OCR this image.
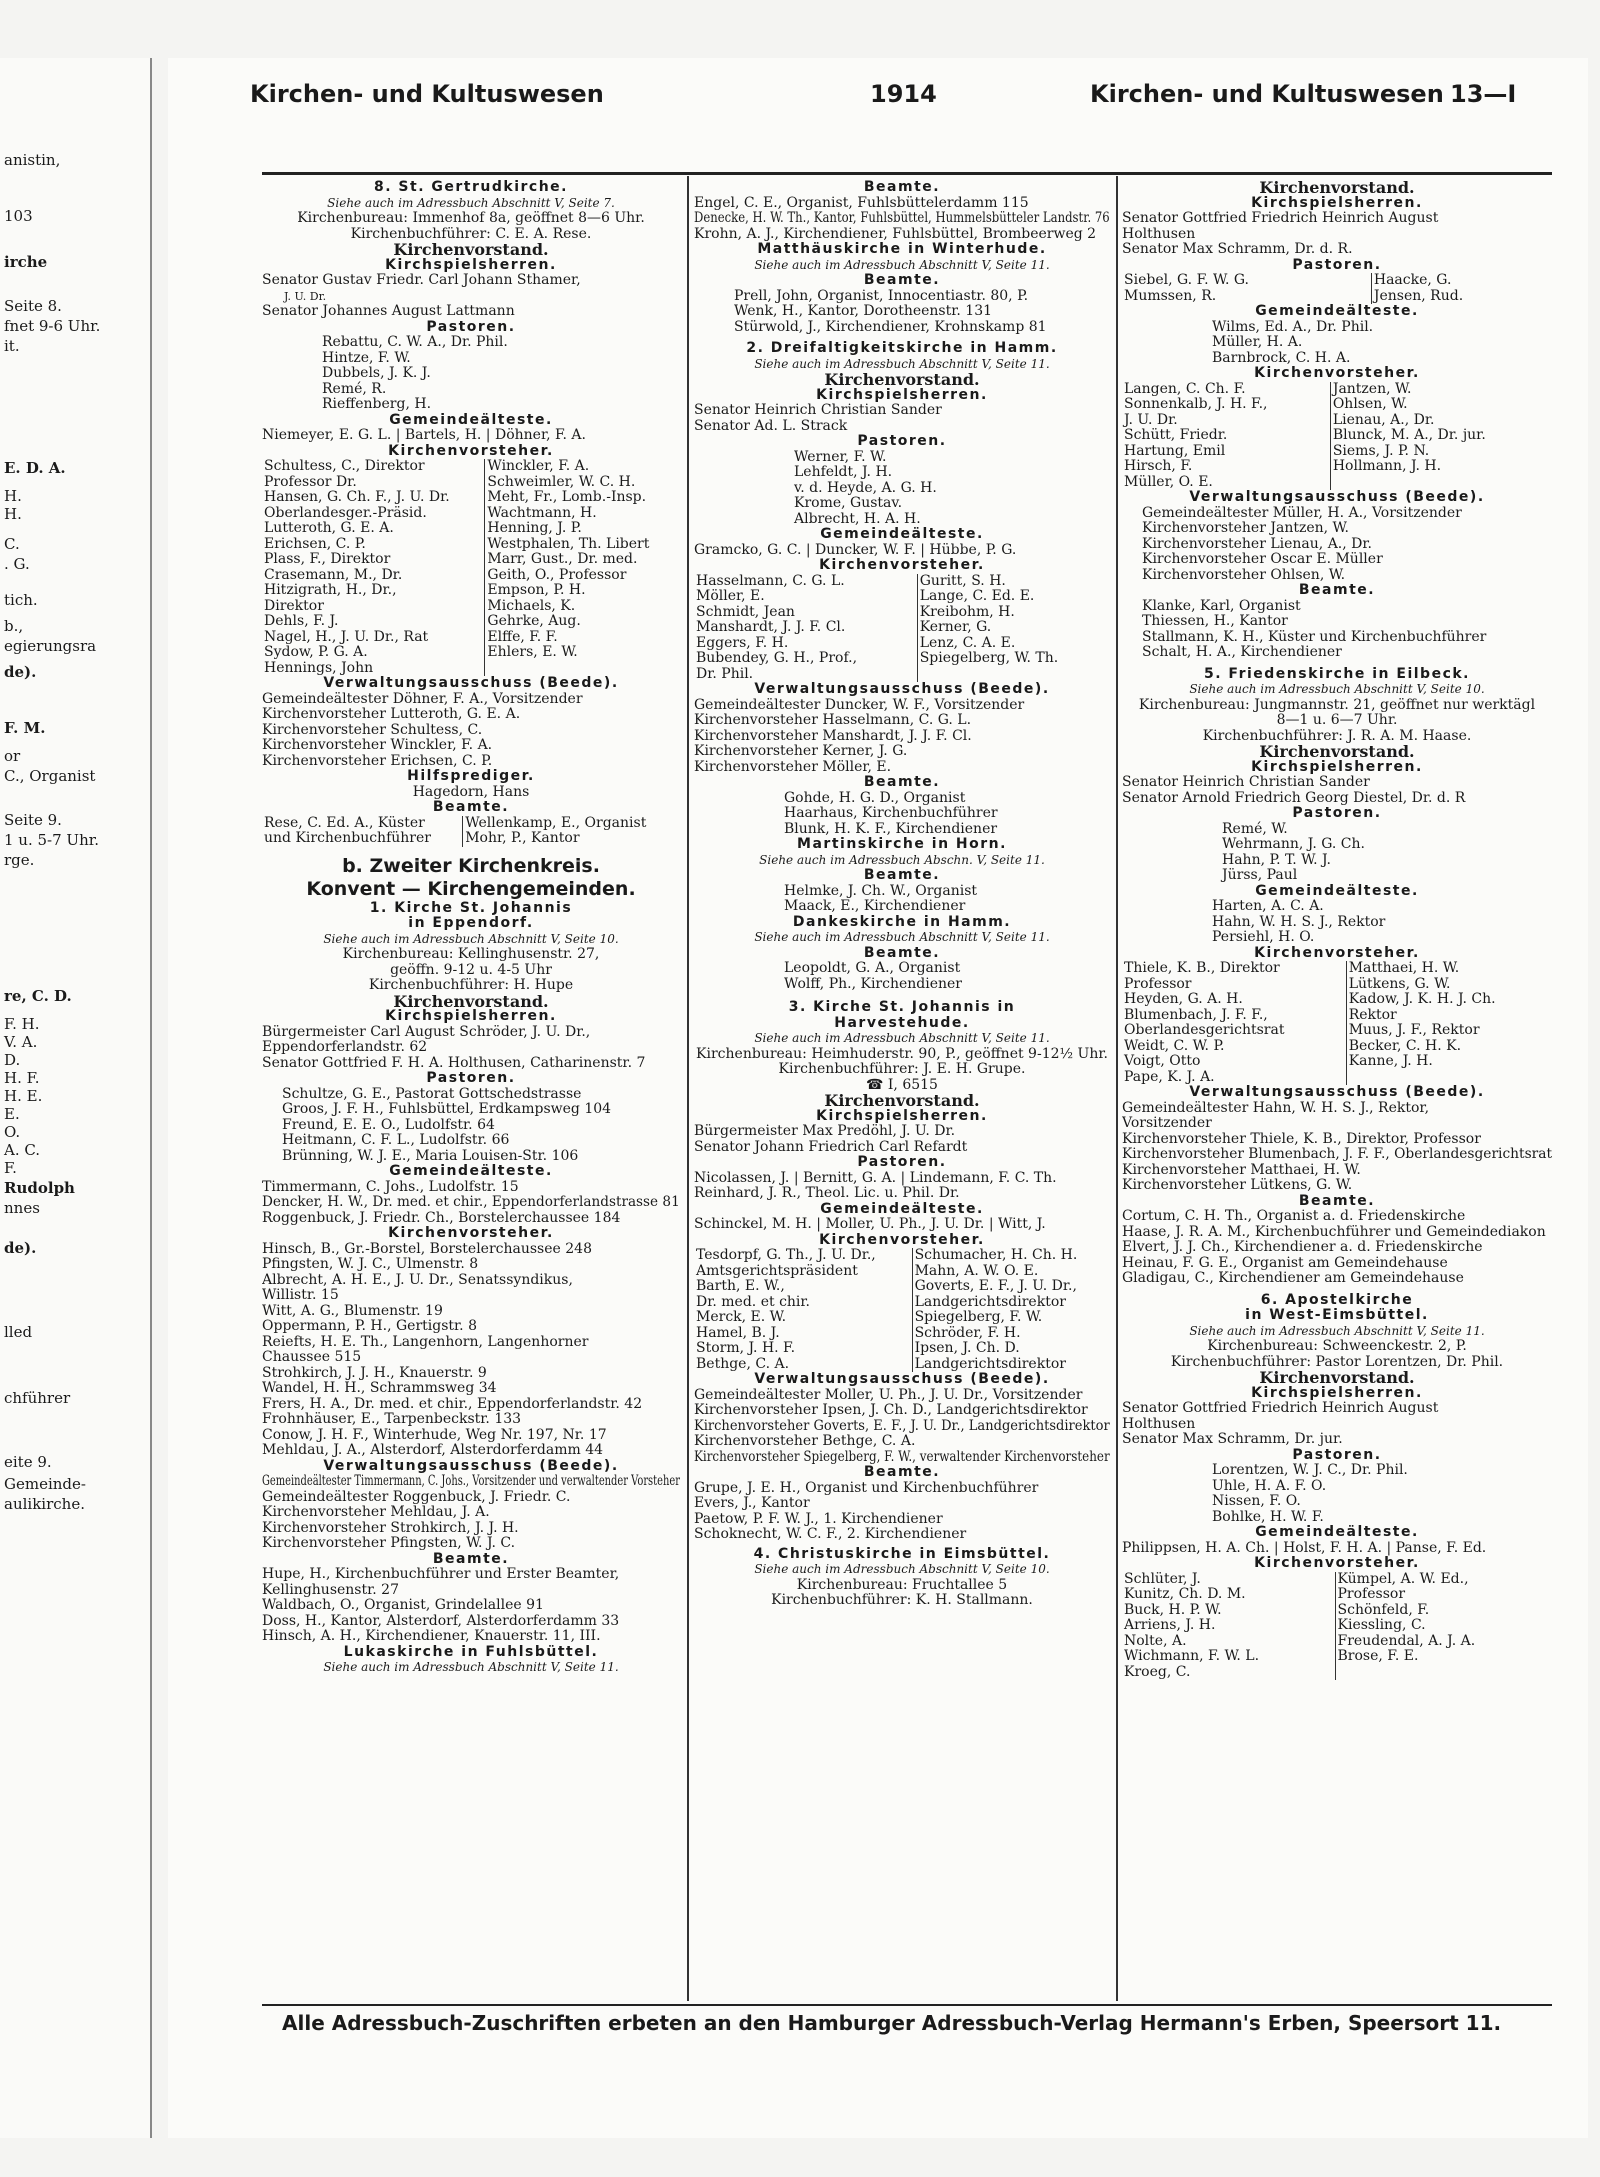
anistin,
103
irche
Seite 8.
fnet 9-6 Uhr.
it.
E. D. A.
H.
H.
C.
. G.
tich.
b.,
egierungsra
de).
F. M.
or
C., Organist
Seite 9.
1 u. 5-7 Uhr.
rge.
re, C. D.
F. H.
V. A.
D.
H. F.
H. E.
E.
O.
A. C.
F.
Rudolph
nnes
de).
lled
chführer
eite 9.
Gemeinde-
aulikirche.
Kirchen- und Kultuswesen	1914	Kirchen- und Kultuswesen 13—I

8. St. Gertrudkirche.

Siehe auch im Adressbuch Abschnitt V, Seite 7.

Kirchenbureau: Immenhof 8a, geöffnet 8—6 Uhr.

Kirchenbuchführer: C. E. A. Rese.

Kirchenvorstand.

Kirchspielsherren.

Senator Gustav Friedr. Carl Johann Sthamer,

J. U. Dr.

Senator Johannes August Lattmann

Pastoren.

Rebattu, C. W. A., Dr. Phil.

Hintze, F. W.

Dubbels, J. K. J.

Remé, R.

Rieffenberg, H.

Gemeindeälteste.

Niemeyer, E. G. L. | Bartels, H. | Döhner, F. A.

Kirchenvorsteher.

Schultess, C., Direktor	Winckler, F. A.
Professor Dr.	Schweimler, W. C. H.
Hansen, G. Ch. F., J. U. Dr.	Meht, Fr., Lomb.-Insp.
Oberlandesger.-Präsid.	Wachtmann, H.
Lutteroth, G. E. A.	Henning, J. P.
Erichsen, C. P.	Westphalen, Th. Libert
Plass, F., Direktor	Marr, Gust., Dr. med.
Crasemann, M., Dr.	Geith, O., Professor
Hitzigrath, H., Dr.,	Empson, P. H.
Direktor	Michaels, K.
Dehls, F. J.	Gehrke, Aug.
Nagel, H., J. U. Dr., Rat	Elffe, F. F.
Sydow, P. G. A.	Ehlers, E. W.
Hennings, John	

Verwaltungsausschuss (Beede).

Gemeindeältester Döhner, F. A., Vorsitzender

Kirchenvorsteher Lutteroth, G. E. A.

Kirchenvorsteher Schultess, C.

Kirchenvorsteher Winckler, F. A.

Kirchenvorsteher Erichsen, C. P.

Hilfsprediger.

Hagedorn, Hans

Beamte.

Rese, C. Ed. A., Küster	Wellenkamp, E., Organist
und Kirchenbuchführer	Mohr, P., Kantor

b. Zweiter Kirchenkreis.

Konvent — Kirchengemeinden.

1. Kirche St. Johannis

in Eppendorf.

Siehe auch im Adressbuch Abschnitt V, Seite 10.

Kirchenbureau: Kellinghusenstr. 27,

geöffn. 9-12 u. 4-5 Uhr

Kirchenbuchführer: H. Hupe

Kirchenvorstand.

Kirchspielsherren.

Bürgermeister Carl August Schröder, J. U. Dr.,

Eppendorferlandstr. 62

Senator Gottfried F. H. A. Holthusen, Catharinenstr. 7

Pastoren.

Schultze, G. E., Pastorat Gottschedstrasse

Groos, J. F. H., Fuhlsbüttel, Erdkampsweg 104

Freund, E. E. O., Ludolfstr. 64

Heitmann, C. F. L., Ludolfstr. 66

Brünning, W. J. E., Maria Louisen-Str. 106

Gemeindeälteste.

Timmermann, C. Johs., Ludolfstr. 15

Dencker, H. W., Dr. med. et chir., Eppendorferlandstrasse 81

Roggenbuck, J. Friedr. Ch., Borstelerchaussee 184

Kirchenvorsteher.

Hinsch, B., Gr.-Borstel, Borstelerchaussee 248

Pfingsten, W. J. C., Ulmenstr. 8

Albrecht, A. H. E., J. U. Dr., Senatssyndikus,

Willistr. 15

Witt, A. G., Blumenstr. 19

Oppermann, P. H., Gertigstr. 8

Reiefts, H. E. Th., Langenhorn, Langenhorner

Chaussee 515

Strohkirch, J. J. H., Knauerstr. 9

Wandel, H. H., Schrammsweg 34

Frers, H. A., Dr. med. et chir., Eppendorferlandstr. 42

Frohnhäuser, E., Tarpenbeckstr. 133

Conow, J. H. F., Winterhude, Weg Nr. 197, Nr. 17

Mehldau, J. A., Alsterdorf, Alsterdorferdamm 44

Verwaltungsausschuss (Beede).

Gemeindeältester Timmermann, C. Johs., Vorsitzender und verwaltender Vorsteher

Gemeindeältester Roggenbuck, J. Friedr. C.

Kirchenvorsteher Mehldau, J. A.

Kirchenvorsteher Strohkirch, J. J. H.

Kirchenvorsteher Pfingsten, W. J. C.

Beamte.

Hupe, H., Kirchenbuchführer und Erster Beamter,

Kellinghusenstr. 27

Waldbach, O., Organist, Grindelallee 91

Doss, H., Kantor, Alsterdorf, Alsterdorferdamm 33

Hinsch, A. H., Kirchendiener, Knauerstr. 11, III.

Lukaskirche in Fuhlsbüttel.

Siehe auch im Adressbuch Abschnitt V, Seite 11.

Beamte.

Engel, C. E., Organist, Fuhlsbüttelerdamm 115

Denecke, H. W. Th., Kantor, Fuhlsbüttel, Hummelsbütteler Landstr. 76

Krohn, A. J., Kirchendiener, Fuhlsbüttel, Brombeerweg 2

Matthäuskirche in Winterhude.

Siehe auch im Adressbuch Abschnitt V, Seite 11.

Beamte.

Prell, John, Organist, Innocentiastr. 80, P.

Wenk, H., Kantor, Dorotheenstr. 131

Stürwold, J., Kirchendiener, Krohnskamp 81

2. Dreifaltigkeitskirche in Hamm.

Siehe auch im Adressbuch Abschnitt V, Seite 11.

Kirchenvorstand.

Kirchspielsherren.

Senator Heinrich Christian Sander

Senator Ad. L. Strack

Pastoren.

Werner, F. W.

Lehfeldt, J. H.

v. d. Heyde, A. G. H.

Krome, Gustav.

Albrecht, H. A. H.

Gemeindeälteste.

Gramcko, G. C. | Duncker, W. F. | Hübbe, P. G.

Kirchenvorsteher.

Hasselmann, C. G. L.	Guritt, S. H.
Möller, E.	Lange, C. Ed. E.
Schmidt, Jean	Kreibohm, H.
Manshardt, J. J. F. Cl.	Kerner, G.
Eggers, F. H.	Lenz, C. A. E.
Bubendey, G. H., Prof.,	Spiegelberg, W. Th.
Dr. Phil.	

Verwaltungsausschuss (Beede).

Gemeindeältester Duncker, W. F., Vorsitzender

Kirchenvorsteher Hasselmann, C. G. L.

Kirchenvorsteher Manshardt, J. J. F. Cl.

Kirchenvorsteher Kerner, J. G.

Kirchenvorsteher Möller, E.

Beamte.

Gohde, H. G. D., Organist

Haarhaus, Kirchenbuchführer

Blunk, H. K. F., Kirchendiener

Martinskirche in Horn.

Siehe auch im Adressbuch Abschn. V, Seite 11.

Beamte.

Helmke, J. Ch. W., Organist

Maack, E., Kirchendiener

Dankeskirche in Hamm.

Siehe auch im Adressbuch Abschnitt V, Seite 11.

Beamte.

Leopoldt, G. A., Organist

Wolff, Ph., Kirchendiener

3. Kirche St. Johannis in

Harvestehude.

Siehe auch im Adressbuch Abschnitt V, Seite 11.

Kirchenbureau: Heimhuderstr. 90, P., geöffnet 9-12½ Uhr.

Kirchenbuchführer: J. E. H. Grupe.

☎ I, 6515

Kirchenvorstand.

Kirchspielsherren.

Bürgermeister Max Predöhl, J. U. Dr.

Senator Johann Friedrich Carl Refardt

Pastoren.

Nicolassen, J. | Bernitt, G. A. | Lindemann, F. C. Th.

Reinhard, J. R., Theol. Lic. u. Phil. Dr.

Gemeindeälteste.

Schinckel, M. H. | Moller, U. Ph., J. U. Dr. | Witt, J.

Kirchenvorsteher.

Tesdorpf, G. Th., J. U. Dr.,	Schumacher, H. Ch. H.
Amtsgerichtspräsident	Mahn, A. W. O. E.
Barth, E. W.,	Goverts, E. F., J. U. Dr.,
Dr. med. et chir.	Landgerichtsdirektor
Merck, E. W.	Spiegelberg, F. W.
Hamel, B. J.	Schröder, F. H.
Storm, J. H. F.	Ipsen, J. Ch. D.
Bethge, C. A.	Landgerichtsdirektor

Verwaltungsausschuss (Beede).

Gemeindeältester Moller, U. Ph., J. U. Dr., Vorsitzender

Kirchenvorsteher Ipsen, J. Ch. D., Landgerichtsdirektor

Kirchenvorsteher Goverts, E. F., J. U. Dr., Landgerichtsdirektor

Kirchenvorsteher Bethge, C. A.

Kirchenvorsteher Spiegelberg, F. W., verwaltender Kirchenvorsteher

Beamte.

Grupe, J. E. H., Organist und Kirchenbuchführer

Evers, J., Kantor

Paetow, P. F. W. J., 1. Kirchendiener

Schoknecht, W. C. F., 2. Kirchendiener

4. Christuskirche in Eimsbüttel.

Siehe auch im Adressbuch Abschnitt V, Seite 10.

Kirchenbureau: Fruchtallee 5

Kirchenbuchführer: K. H. Stallmann.

Kirchenvorstand.

Kirchspielsherren.

Senator Gottfried Friedrich Heinrich August

Holthusen

Senator Max Schramm, Dr. d. R.

Pastoren.

Siebel, G. F. W. G.	Haacke, G.
Mumssen, R.	Jensen, Rud.

Gemeindeälteste.

Wilms, Ed. A., Dr. Phil.

Müller, H. A.

Barnbrock, C. H. A.

Kirchenvorsteher.

Langen, C. Ch. F.	Jantzen, W.
Sonnenkalb, J. H. F.,	Ohlsen, W.
J. U. Dr.	Lienau, A., Dr.
Schütt, Friedr.	Blunck, M. A., Dr. jur.
Hartung, Emil	Siems, J. P. N.
Hirsch, F.	Hollmann, J. H.
Müller, O. E.	

Verwaltungsausschuss (Beede).

Gemeindeältester Müller, H. A., Vorsitzender

Kirchenvorsteher Jantzen, W.

Kirchenvorsteher Lienau, A., Dr.

Kirchenvorsteher Oscar E. Müller

Kirchenvorsteher Ohlsen, W.

Beamte.

Klanke, Karl, Organist

Thiessen, H., Kantor

Stallmann, K. H., Küster und Kirchenbuchführer

Schalt, H. A., Kirchendiener

5. Friedenskirche in Eilbeck.

Siehe auch im Adressbuch Abschnitt V, Seite 10.

Kirchenbureau: Jungmannstr. 21, geöffnet nur werktägl

8—1 u. 6—7 Uhr.

Kirchenbuchführer: J. R. A. M. Haase.

Kirchenvorstand.

Kirchspielsherren.

Senator Heinrich Christian Sander

Senator Arnold Friedrich Georg Diestel, Dr. d. R

Pastoren.

Remé, W.

Wehrmann, J. G. Ch.

Hahn, P. T. W. J.

Jürss, Paul

Gemeindeälteste.

Harten, A. C. A.

Hahn, W. H. S. J., Rektor

Persiehl, H. O.

Kirchenvorsteher.

Thiele, K. B., Direktor	Matthaei, H. W.
Professor	Lütkens, G. W.
Heyden, G. A. H.	Kadow, J. K. H. J. Ch.
Blumenbach, J. F. F.,	Rektor
Oberlandesgerichtsrat	Muus, J. F., Rektor
Weidt, C. W. P.	Becker, C. H. K.
Voigt, Otto	Kanne, J. H.
Pape, K. J. A.	

Verwaltungsausschuss (Beede).

Gemeindeältester Hahn, W. H. S. J., Rektor,

Vorsitzender

Kirchenvorsteher Thiele, K. B., Direktor, Professor

Kirchenvorsteher Blumenbach, J. F. F., Oberlandesgerichtsrat

Kirchenvorsteher Matthaei, H. W.

Kirchenvorsteher Lütkens, G. W.

Beamte.

Cortum, C. H. Th., Organist a. d. Friedenskirche

Haase, J. R. A. M., Kirchenbuchführer und Gemeindediakon

Elvert, J. J. Ch., Kirchendiener a. d. Friedenskirche

Heinau, F. G. E., Organist am Gemeindehause

Gladigau, C., Kirchendiener am Gemeindehause

6. Apostelkirche

in West-Eimsbüttel.

Siehe auch im Adressbuch Abschnitt V, Seite 11.

Kirchenbureau: Schweenckestr. 2, P.

Kirchenbuchführer: Pastor Lorentzen, Dr. Phil.

Kirchenvorstand.

Kirchspielsherren.

Senator Gottfried Friedrich Heinrich August

Holthusen

Senator Max Schramm, Dr. jur.

Pastoren.

Lorentzen, W. J. C., Dr. Phil.

Uhle, H. A. F. O.

Nissen, F. O.

Bohlke, H. W. F.

Gemeindeälteste.

Philippsen, H. A. Ch. | Holst, F. H. A. | Panse, F. Ed.

Kirchenvorsteher.

Schlüter, J.	Kümpel, A. W. Ed.,
Kunitz, Ch. D. M.	Professor
Buck, H. P. W.	Schönfeld, F.
Arriens, J. H.	Kiessling, C.
Nolte, A.	Freudendal, A. J. A.
Wichmann, F. W. L.	Brose, F. E.
Kroeg, C.	
Alle Adressbuch-Zuschriften erbeten an den Hamburger Adressbuch-Verlag Hermann's Erben, Speersort 11.
